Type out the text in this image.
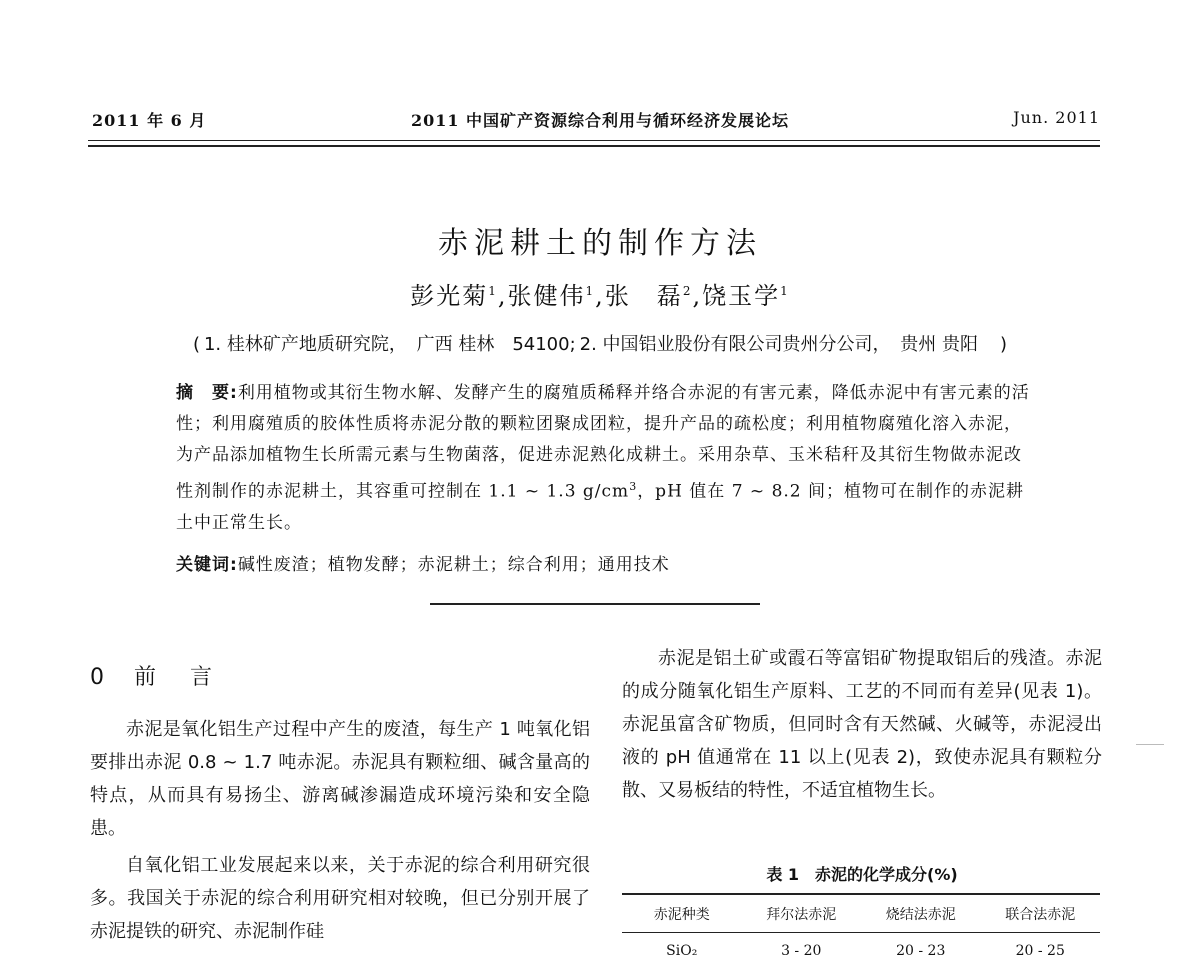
2011 年 6 月	2011 中国矿产资源综合利用与循环经济发展论坛	Jun. 2011
赤泥耕土的制作方法
彭光菊$^1$,张健伟$^1$,张　磊$^2$,饶玉学$^1$
( 1. 桂林矿产地质研究院， 广西 桂林　54100; 2. 中国铝业股份有限公司贵州分公司， 贵州 贵阳　)
摘　要:利用植物或其衍生物水解、发酵产生的腐殖质稀释并络合赤泥的有害元素，降低赤泥中有害元素的活性；利用腐殖质的胶体性质将赤泥分散的颗粒团聚成团粒，提升产品的疏松度；利用植物腐殖化溶入赤泥，为产品添加植物生长所需元素与生物菌落，促进赤泥熟化成耕土。采用杂草、玉米秸秆及其衍生物做赤泥改性剂制作的赤泥耕土，其容重可控制在 1.1 ~ 1.3 $g/cm^3$，pH 值在 7 ~ 8.2 间；植物可在制作的赤泥耕土中正常生长。
关键词:碱性废渣；植物发酵；赤泥耕土；综合利用；通用技术
0 前 言

赤泥是氧化铝生产过程中产生的废渣，每生产 1 吨氧化铝要排出赤泥 0.8 ~ 1.7 吨赤泥。赤泥具有颗粒细、碱含量高的特点，从而具有易扬尘、游离碱渗漏造成环境污染和安全隐患。

自氧化铝工业发展起来以来，关于赤泥的综合利用研究很多。我国关于赤泥的综合利用研究相对较晚，但已分别开展了赤泥提铁的研究、赤泥制作硅

赤泥是铝土矿或霞石等富铝矿物提取铝后的残渣。赤泥的成分随氧化铝生产原料、工艺的不同而有差异(见表 1)。赤泥虽富含矿物质，但同时含有天然碱、火碱等，赤泥浸出液的 pH 值通常在 11 以上(见表 2)，致使赤泥具有颗粒分散、又易板结的特性，不适宜植物生长。

表 1　赤泥的化学成分(%)
赤泥种类	拜尔法赤泥	烧结法赤泥	联合法赤泥
SiO₂	3 - 20	20 - 23	20 - 25
